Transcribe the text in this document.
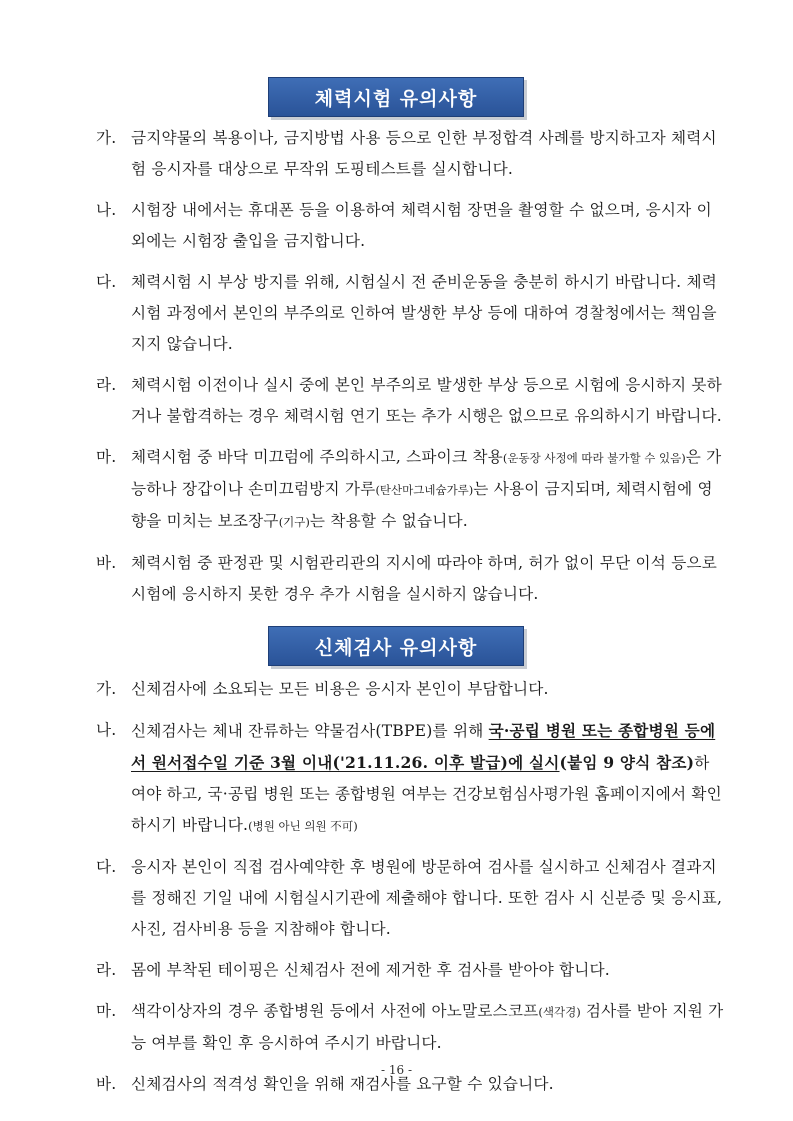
체력시험 유의사항
가. 금지약물의 복용이나, 금지방법 사용 등으로 인한 부정합격 사례를 방지하고자 체력시험 응시자를 대상으로 무작위 도핑테스트를 실시합니다.
나. 시험장 내에서는 휴대폰 등을 이용하여 체력시험 장면을 촬영할 수 없으며, 응시자 이외에는 시험장 출입을 금지합니다.
다. 체력시험 시 부상 방지를 위해, 시험실시 전 준비운동을 충분히 하시기 바랍니다. 체력시험 과정에서 본인의 부주의로 인하여 발생한 부상 등에 대하여 경찰청에서는 책임을 지지 않습니다.
라. 체력시험 이전이나 실시 중에 본인 부주의로 발생한 부상 등으로 시험에 응시하지 못하거나 불합격하는 경우 체력시험 연기 또는 추가 시행은 없으므로 유의하시기 바랍니다.
마. 체력시험 중 바닥 미끄럼에 주의하시고, 스파이크 착용(운동장 사정에 따라 불가할 수 있음)은 가능하나 장갑이나 손미끄럼방지 가루(탄산마그네슘가루)는 사용이 금지되며, 체력시험에 영향을 미치는 보조장구(기구)는 착용할 수 없습니다.
바. 체력시험 중 판정관 및 시험관리관의 지시에 따라야 하며, 허가 없이 무단 이석 등으로 시험에 응시하지 못한 경우 추가 시험을 실시하지 않습니다.
신체검사 유의사항
가. 신체검사에 소요되는 모든 비용은 응시자 본인이 부담합니다.
나. 신체검사는 체내 잔류하는 약물검사(TBPE)를 위해 국·공립 병원 또는 종합병원 등에서 원서접수일 기준 3월 이내('21.11.26. 이후 발급)에 실시(붙임 9 양식 참조)하여야 하고, 국·공립 병원 또는 종합병원 여부는 건강보험심사평가원 홈페이지에서 확인하시기 바랍니다.(병원 아닌 의원 不可)
다. 응시자 본인이 직접 검사예약한 후 병원에 방문하여 검사를 실시하고 신체검사 결과지를 정해진 기일 내에 시험실시기관에 제출해야 합니다. 또한 검사 시 신분증 및 응시표, 사진, 검사비용 등을 지참해야 합니다.
라. 몸에 부착된 테이핑은 신체검사 전에 제거한 후 검사를 받아야 합니다.
마. 색각이상자의 경우 종합병원 등에서 사전에 아노말로스코프(색각경) 검사를 받아 지원 가능 여부를 확인 후 응시하여 주시기 바랍니다.
바. 신체검사의 적격성 확인을 위해 재검사를 요구할 수 있습니다.
- 16 -
